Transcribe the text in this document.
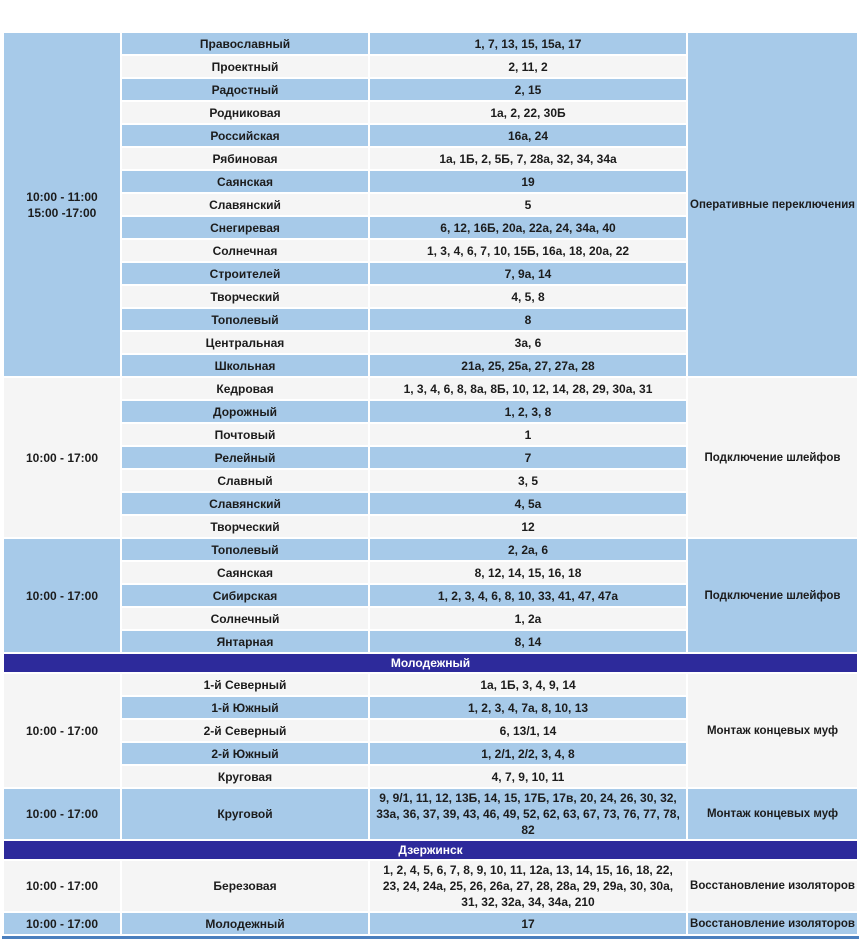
10:00 - 11:00
15:00 -17:00	Православный	1, 7, 13, 15, 15а, 17	Оперативные переключения
	Проектный	2, 11, 2	
	Радостный	2, 15	
	Родниковая	1а, 2, 22, 30Б	
	Российская	16а, 24	
	Рябиновая	1а, 1Б, 2, 5Б, 7, 28а, 32, 34, 34а	
	Саянская	19	
	Славянский	5	
	Снегиревая	6, 12, 16Б, 20а, 22а, 24, 34а, 40	
	Солнечная	1, 3, 4, 6, 7, 10, 15Б, 16а, 18, 20а, 22	
	Строителей	7, 9а, 14	
	Творческий	4, 5, 8	
	Тополевый	8	
	Центральная	3а, 6	
	Школьная	21а, 25, 25а, 27, 27а, 28	

10:00 - 17:00	Кедровая	1, 3, 4, 6, 8, 8а, 8Б, 10, 12, 14, 28, 29, 30а, 31	Подключение шлейфов
	Дорожный	1, 2, 3, 8	
	Почтовый	1	
	Релейный	7	
	Славный	3, 5	
	Славянский	4, 5а	
	Творческий	12	

10:00 - 17:00	Тополевый	2, 2а, 6	Подключение шлейфов
	Саянская	8, 12, 14, 15, 16, 18	
	Сибирская	1, 2, 3, 4, 6, 8, 10, 33, 41, 47, 47а	
	Солнечный	1, 2а	
	Янтарная	8, 14	
Молодежный			

10:00 - 17:00	1-й Северный	1а, 1Б, 3, 4, 9, 14	Монтаж концевых муф
	1-й Южный	1, 2, 3, 4, 7а, 8, 10, 13	
	2-й Северный	6, 13/1, 14	
	2-й Южный	1, 2/1, 2/2, 3, 4, 8	
	Круговая	4, 7, 9, 10, 11	

10:00 - 17:00	Круговой	9, 9/1, 11, 12, 13Б, 14, 15, 17Б, 17в, 20, 24, 26, 30, 32, 33а, 36, 37, 39, 43, 46, 49, 52, 62, 63, 67, 73, 76, 77, 78, 82	Монтаж концевых муф
Дзержинск			

10:00 - 17:00	Березовая	1, 2, 4, 5, 6, 7, 8, 9, 10, 11, 12а, 13, 14, 15, 16, 18, 22, 23, 24, 24а, 25, 26, 26а, 27, 28, 28а, 29, 29а, 30, 30а, 31, 32, 32а, 34, 34а, 210	Восстановление изоляторов

10:00 - 17:00	Молодежный	17	Восстановление изоляторов
